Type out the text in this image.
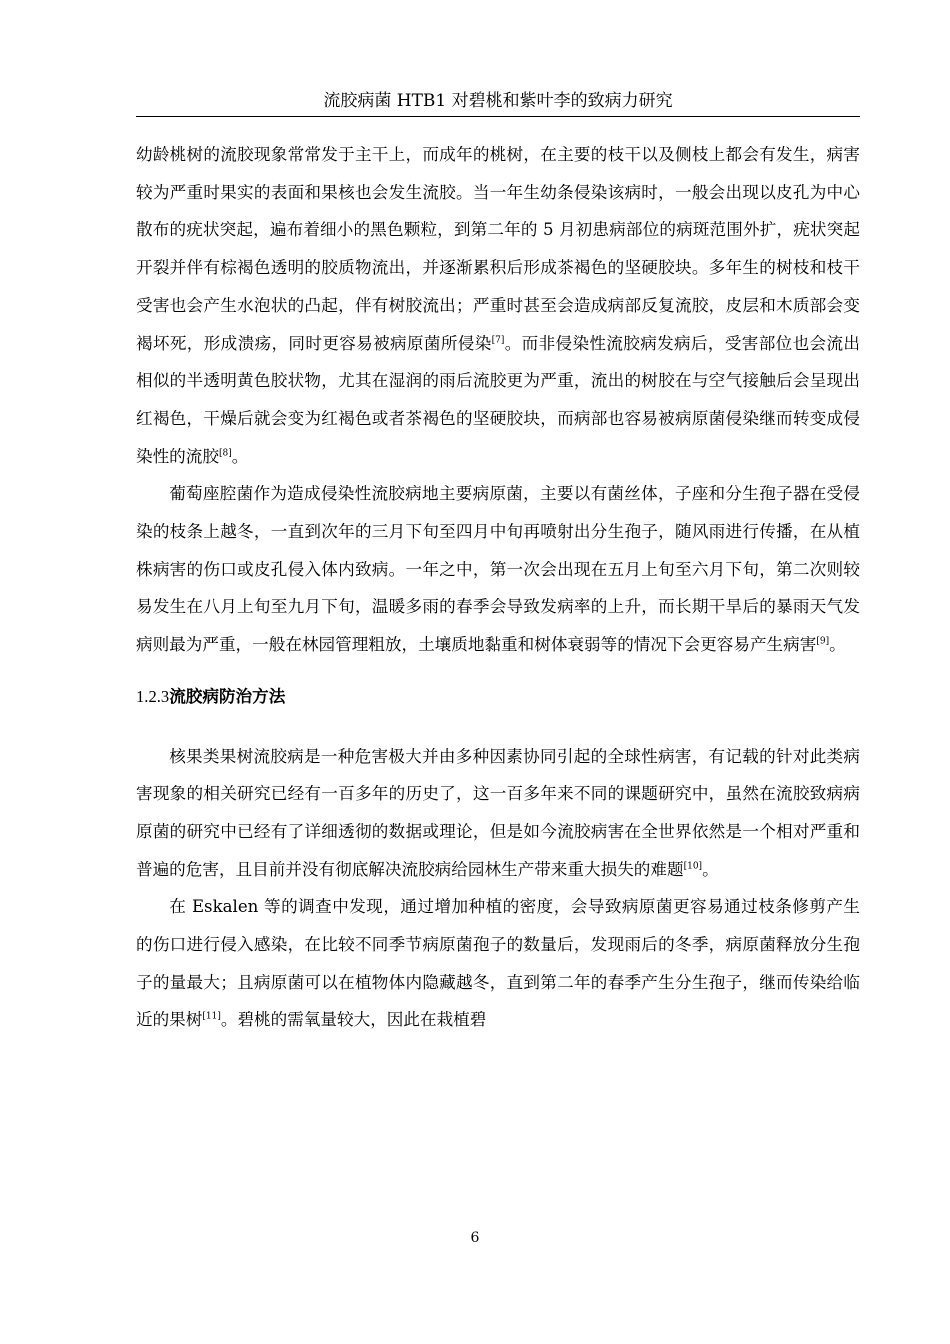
流胶病菌 HTB1 对碧桃和紫叶李的致病力研究

幼龄桃树的流胶现象常常发于主干上，而成年的桃树，在主要的枝干以及侧枝上都会有发生，病害较为严重时果实的表面和果核也会发生流胶。当一年生幼条侵染该病时，一般会出现以皮孔为中心散布的疣状突起，遍布着细小的黑色颗粒，到第二年的 5 月初患病部位的病斑范围外扩，疣状突起开裂并伴有棕褐色透明的胶质物流出，并逐渐累积后形成茶褐色的坚硬胶块。多年生的树枝和枝干受害也会产生水泡状的凸起，伴有树胶流出；严重时甚至会造成病部反复流胶，皮层和木质部会变褐坏死，形成溃疡，同时更容易被病原菌所侵染[7]。而非侵染性流胶病发病后，受害部位也会流出相似的半透明黄色胶状物，尤其在湿润的雨后流胶更为严重，流出的树胶在与空气接触后会呈现出红褐色，干燥后就会变为红褐色或者茶褐色的坚硬胶块，而病部也容易被病原菌侵染继而转变成侵染性的流胶[8]。

葡萄座腔菌作为造成侵染性流胶病地主要病原菌，主要以有菌丝体，子座和分生孢子器在受侵染的枝条上越冬，一直到次年的三月下旬至四月中旬再喷射出分生孢子，随风雨进行传播，在从植株病害的伤口或皮孔侵入体内致病。一年之中，第一次会出现在五月上旬至六月下旬，第二次则较易发生在八月上旬至九月下旬，温暖多雨的春季会导致发病率的上升，而长期干旱后的暴雨天气发病则最为严重，一般在林园管理粗放，土壤质地黏重和树体衰弱等的情况下会更容易产生病害[9]。

1.2.3流胶病防治方法

核果类果树流胶病是一种危害极大并由多种因素协同引起的全球性病害，有记载的针对此类病害现象的相关研究已经有一百多年的历史了，这一百多年来不同的课题研究中，虽然在流胶致病病原菌的研究中已经有了详细透彻的数据或理论，但是如今流胶病害在全世界依然是一个相对严重和普遍的危害，且目前并没有彻底解决流胶病给园林生产带来重大损失的难题[10]。

在 Eskalen 等的调查中发现，通过增加种植的密度，会导致病原菌更容易通过枝条修剪产生的伤口进行侵入感染，在比较不同季节病原菌孢子的数量后，发现雨后的冬季，病原菌释放分生孢子的量最大；且病原菌可以在植物体内隐藏越冬，直到第二年的春季产生分生孢子，继而传染给临近的果树[11]。碧桃的需氧量较大，因此在栽植碧

6
